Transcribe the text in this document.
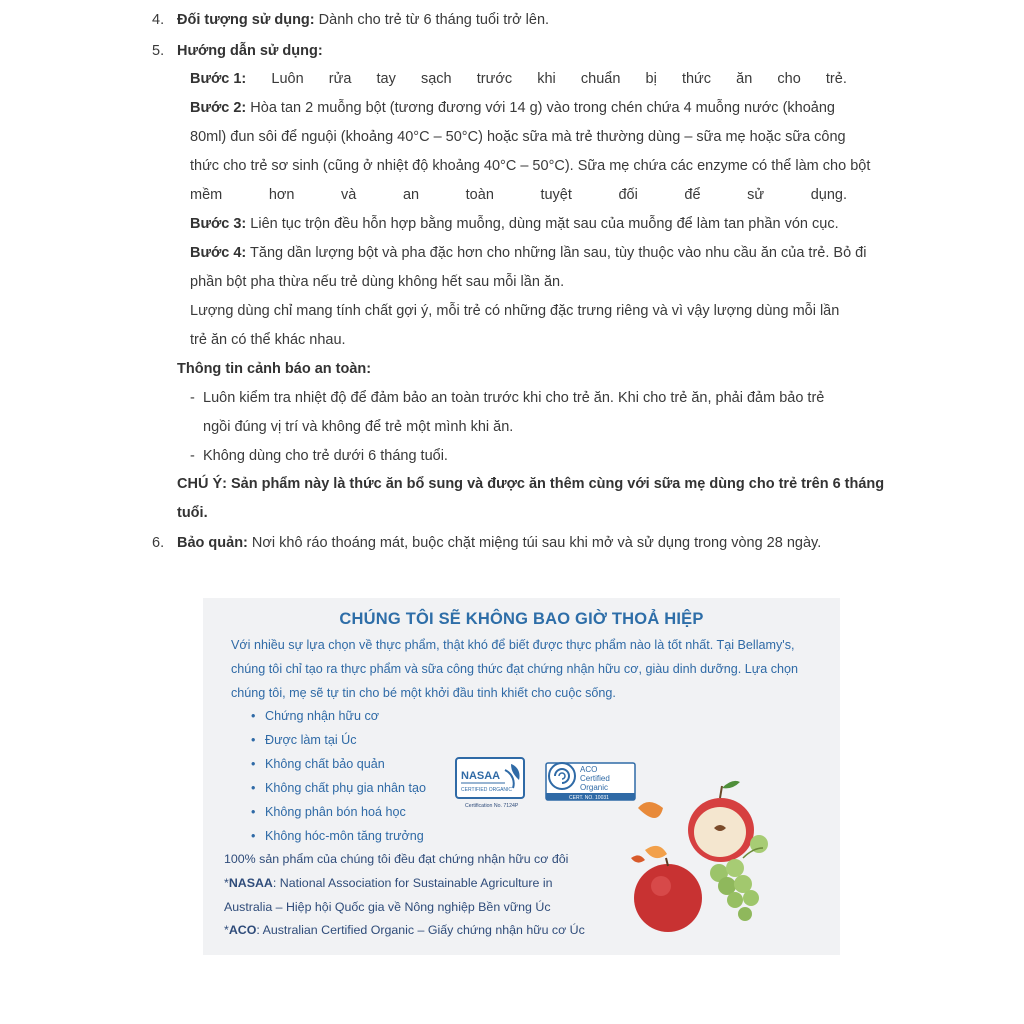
4. Đối tượng sử dụng: Dành cho trẻ từ 6 tháng tuổi trở lên.
5. Hướng dẫn sử dụng:
Bước 1: Luôn rửa tay sạch trước khi chuẩn bị thức ăn cho trẻ.
Bước 2: Hòa tan 2 muỗng bột (tương đương với 14 g) vào trong chén chứa 4 muỗng nước (khoảng
80ml) đun sôi để nguội (khoảng 40°C – 50°C) hoặc sữa mà trẻ thường dùng – sữa mẹ hoặc sữa công
thức cho trẻ sơ sinh (cũng ở nhiệt độ khoảng 40°C – 50°C). Sữa mẹ chứa các enzyme có thể làm cho bột
mềm	hơn	và	an	toàn	tuyệt	đối	để	sử	dụng.
Bước 3: Liên tục trộn đều hỗn hợp bằng muỗng, dùng mặt sau của muỗng để làm tan phần vón cục.
Bước 4: Tăng dần lượng bột và pha đặc hơn cho những lần sau, tùy thuộc vào nhu cầu ăn của trẻ. Bỏ đi
phần bột pha thừa nếu trẻ dùng không hết sau mỗi lần ăn.
Lượng dùng chỉ mang tính chất gợi ý, mỗi trẻ có những đặc trưng riêng và vì vậy lượng dùng mỗi lần
trẻ ăn có thể khác nhau.
Thông tin cảnh báo an toàn:
- Luôn kiểm tra nhiệt độ để đảm bảo an toàn trước khi cho trẻ ăn. Khi cho trẻ ăn, phải đảm bảo trẻ
ngồi đúng vị trí và không để trẻ một mình khi ăn.
- Không dùng cho trẻ dưới 6 tháng tuổi.
CHÚ Ý: Sản phẩm này là thức ăn bổ sung và được ăn thêm cùng với sữa mẹ dùng cho trẻ trên 6 tháng
tuổi.
6. Bảo quản: Nơi khô ráo thoáng mát, buộc chặt miệng túi sau khi mở và sử dụng trong vòng 28 ngày.
CHÚNG TÔI SẼ KHÔNG BAO GIỜ THOẢ HIỆP
Với nhiều sự lựa chọn về thực phẩm, thật khó để biết được thực phẩm nào là tốt nhất. Tại Bellamy's,
chúng tôi chỉ tạo ra thực phẩm và sữa công thức đạt chứng nhận hữu cơ, giàu dinh dưỡng. Lựa chọn
chúng tôi, mẹ sẽ tự tin cho bé một khởi đầu tinh khiết cho cuộc sống.
• Chứng nhận hữu cơ
• Được làm tại Úc
• Không chất bảo quản
• Không chất phụ gia nhân tạo
• Không phân bón hoá học
• Không hóc-môn tăng trưởng
100% sản phẩm của chúng tôi đều đạt chứng nhận hữu cơ đôi
*NASAA: National Association for Sustainable Agriculture in
Australia – Hiệp hội Quốc gia về Nông nghiệp Bền vững Úc
*ACO: Australian Certified Organic – Giấy chứng nhận hữu cơ Úc
NASAA
CERTIFIED ORGANIC
Certification No. 7124P
ACO
Certified
Organic
CERT. NO. 10031
